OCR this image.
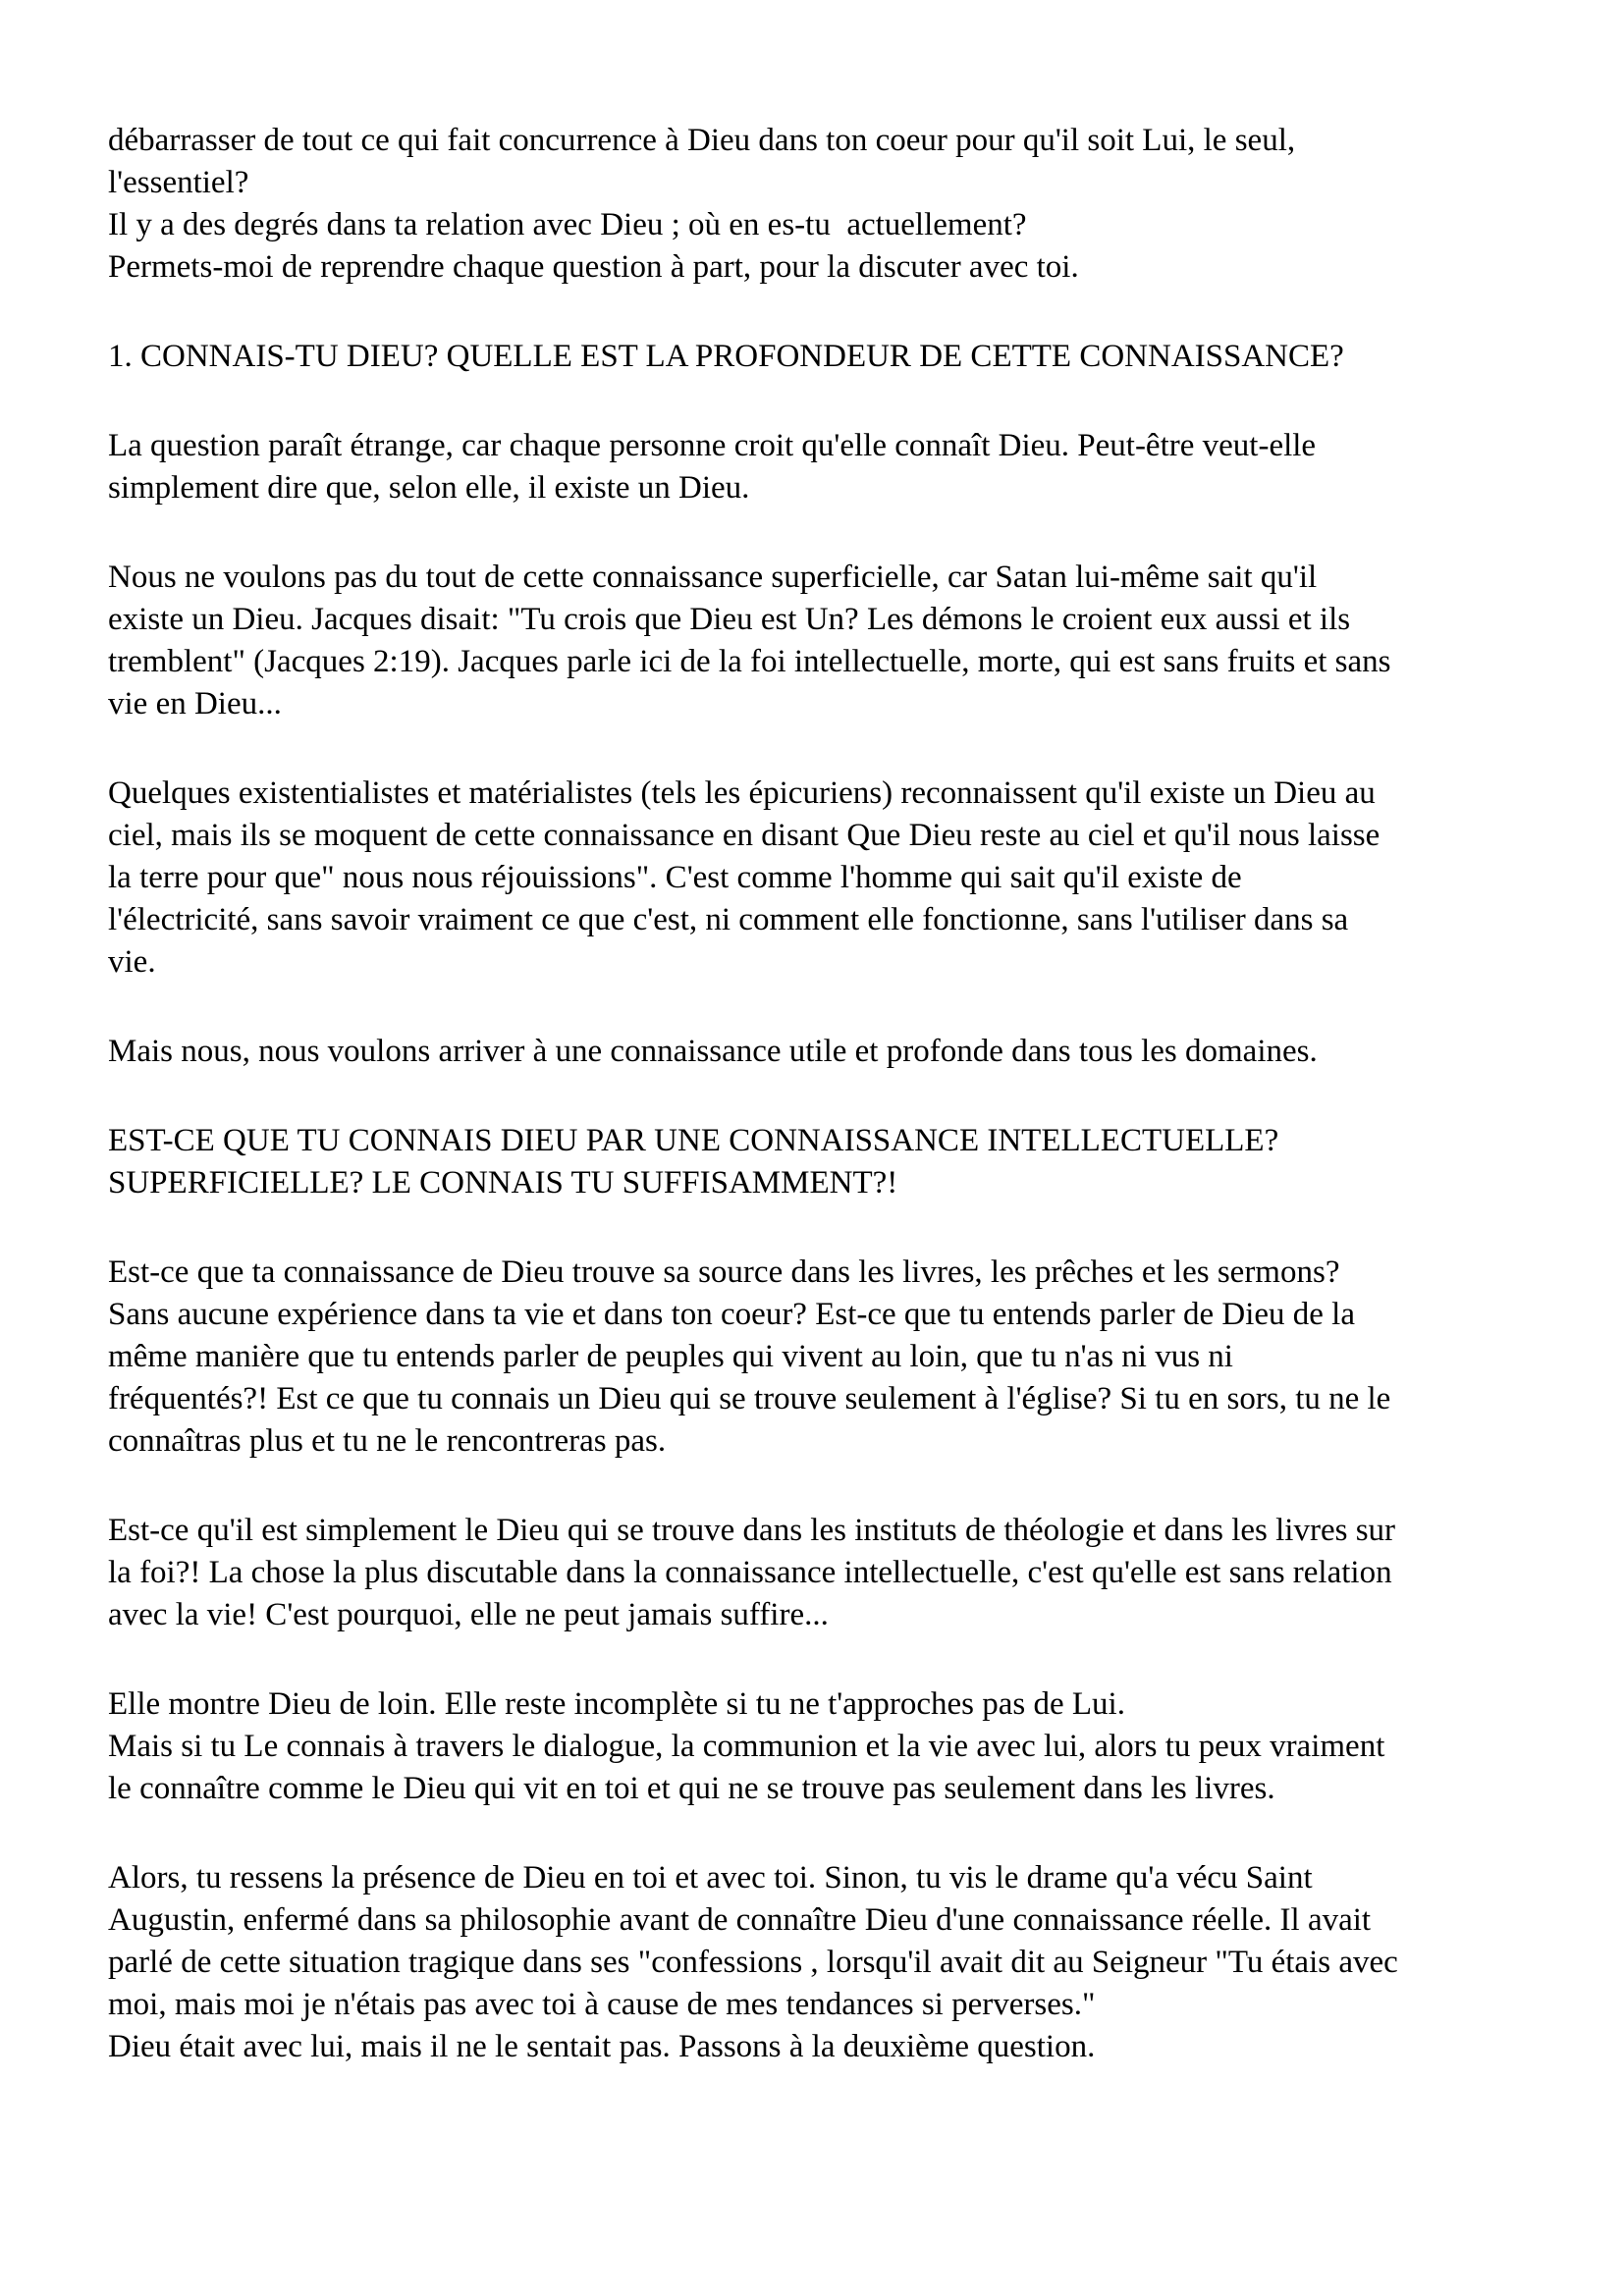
débarrasser de tout ce qui fait concurrence à Dieu dans ton coeur pour qu'il soit Lui, le seul,
l'essentiel?
Il y a des degrés dans ta relation avec Dieu ; où en es-tu  actuellement?
Permets-moi de reprendre chaque question à part, pour la discuter avec toi.

1. CONNAIS-TU DIEU? QUELLE EST LA PROFONDEUR DE CETTE CONNAISSANCE?

La question paraît étrange, car chaque personne croit qu'elle connaît Dieu. Peut-être veut-elle
simplement dire que, selon elle, il existe un Dieu.

Nous ne voulons pas du tout de cette connaissance superficielle, car Satan lui-même sait qu'il
existe un Dieu. Jacques disait: "Tu crois que Dieu est Un? Les démons le croient eux aussi et ils
tremblent" (Jacques 2:19). Jacques parle ici de la foi intellectuelle, morte, qui est sans fruits et sans
vie en Dieu...

Quelques existentialistes et matérialistes (tels les épicuriens) reconnaissent qu'il existe un Dieu au
ciel, mais ils se moquent de cette connaissance en disant Que Dieu reste au ciel et qu'il nous laisse
la terre pour que" nous nous réjouissions". C'est comme l'homme qui sait qu'il existe de
l'électricité, sans savoir vraiment ce que c'est, ni comment elle fonctionne, sans l'utiliser dans sa
vie.

Mais nous, nous voulons arriver à une connaissance utile et profonde dans tous les domaines.

EST-CE QUE TU CONNAIS DIEU PAR UNE CONNAISSANCE INTELLECTUELLE?
SUPERFICIELLE? LE CONNAIS TU SUFFISAMMENT?!

Est-ce que ta connaissance de Dieu trouve sa source dans les livres, les prêches et les sermons?
Sans aucune expérience dans ta vie et dans ton coeur? Est-ce que tu entends parler de Dieu de la
même manière que tu entends parler de peuples qui vivent au loin, que tu n'as ni vus ni
fréquentés?! Est ce que tu connais un Dieu qui se trouve seulement à l'église? Si tu en sors, tu ne le
connaîtras plus et tu ne le rencontreras pas.

Est-ce qu'il est simplement le Dieu qui se trouve dans les instituts de théologie et dans les livres sur
la foi?! La chose la plus discutable dans la connaissance intellectuelle, c'est qu'elle est sans relation
avec la vie! C'est pourquoi, elle ne peut jamais suffire...

Elle montre Dieu de loin. Elle reste incomplète si tu ne t'approches pas de Lui.
Mais si tu Le connais à travers le dialogue, la communion et la vie avec lui, alors tu peux vraiment
le connaître comme le Dieu qui vit en toi et qui ne se trouve pas seulement dans les livres.

Alors, tu ressens la présence de Dieu en toi et avec toi. Sinon, tu vis le drame qu'a vécu Saint
Augustin, enfermé dans sa philosophie avant de connaître Dieu d'une connaissance réelle. Il avait
parlé de cette situation tragique dans ses "confessions , lorsqu'il avait dit au Seigneur "Tu étais avec
moi, mais moi je n'étais pas avec toi à cause de mes tendances si perverses."
Dieu était avec lui, mais il ne le sentait pas. Passons à la deuxième question.
